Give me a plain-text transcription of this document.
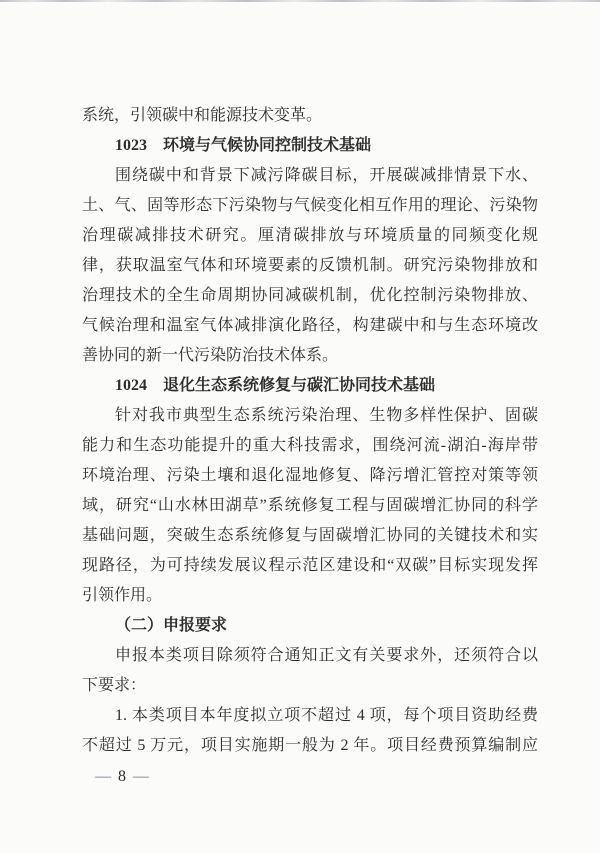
系统，引领碳中和能源技术变革。
1023　环境与气候协同控制技术基础
围绕碳中和背景下减污降碳目标，开展碳减排情景下水、
土、气、固等形态下污染物与气候变化相互作用的理论、污染物
治理碳减排技术研究。厘清碳排放与环境质量的同频变化规
律，获取温室气体和环境要素的反馈机制。研究污染物排放和
治理技术的全生命周期协同减碳机制，优化控制污染物排放、
气候治理和温室气体减排演化路径，构建碳中和与生态环境改
善协同的新一代污染防治技术体系。
1024　退化生态系统修复与碳汇协同技术基础
针对我市典型生态系统污染治理、生物多样性保护、固碳
能力和生态功能提升的重大科技需求，围绕河流-湖泊-海岸带
环境治理、污染土壤和退化湿地修复、降污增汇管控对策等领
域，研究“山水林田湖草”系统修复工程与固碳增汇协同的科学
基础问题，突破生态系统修复与固碳增汇协同的关键技术和实
现路径，为可持续发展议程示范区建设和“双碳”目标实现发挥
引领作用。
（二）申报要求
申报本类项目除须符合通知正文有关要求外，还须符合以
下要求：
1. 本类项目本年度拟立项不超过 4 项，每个项目资助经费
不超过 5 万元，项目实施期一般为 2 年。项目经费预算编制应
— 8 —
